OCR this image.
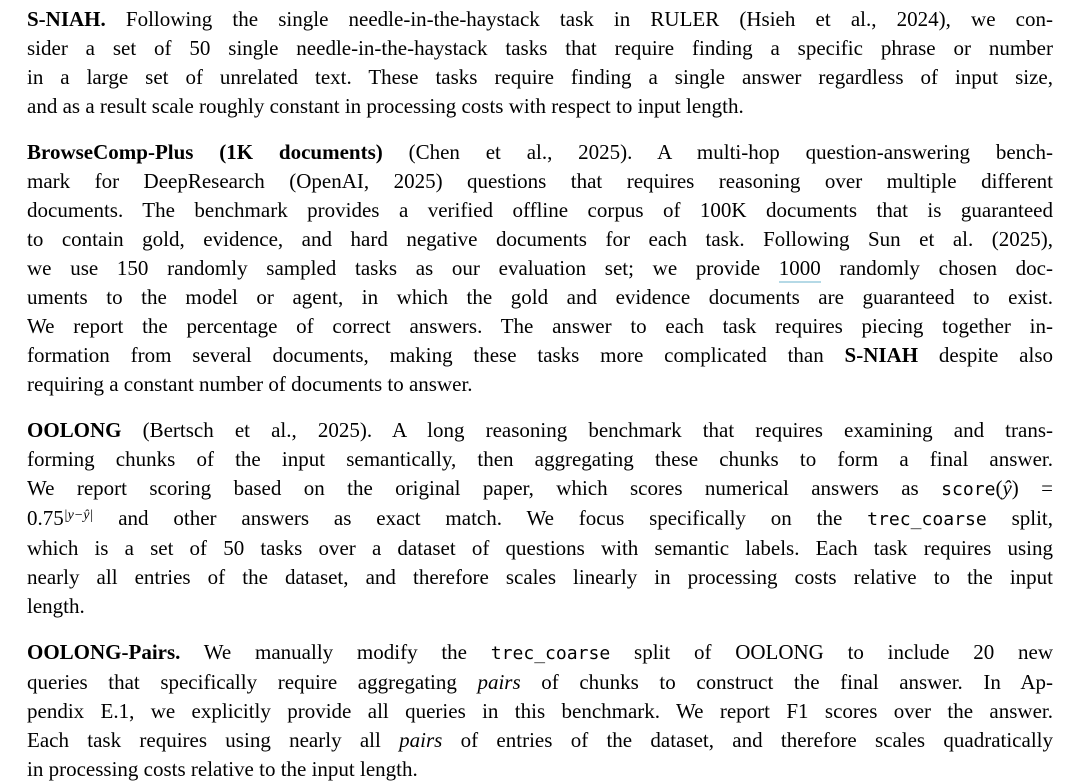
S-NIAH. Following the single needle-in-the-haystack task in RULER (Hsieh et al., 2024), we con-
sider a set of 50 single needle-in-the-haystack tasks that require finding a specific phrase or number
in a large set of unrelated text. These tasks require finding a single answer regardless of input size,
and as a result scale roughly constant in processing costs with respect to input length.

BrowseComp-Plus (1K documents) (Chen et al., 2025). A multi-hop question-answering bench-
mark for DeepResearch (OpenAI, 2025) questions that requires reasoning over multiple different
documents. The benchmark provides a verified offline corpus of 100K documents that is guaranteed
to contain gold, evidence, and hard negative documents for each task. Following Sun et al. (2025),
we use 150 randomly sampled tasks as our evaluation set; we provide 1000 randomly chosen doc-
uments to the model or agent, in which the gold and evidence documents are guaranteed to exist.
We report the percentage of correct answers. The answer to each task requires piecing together in-
formation from several documents, making these tasks more complicated than S-NIAH despite also
requiring a constant number of documents to answer.

OOLONG (Bertsch et al., 2025). A long reasoning benchmark that requires examining and trans-
forming chunks of the input semantically, then aggregating these chunks to form a final answer.
We report scoring based on the original paper, which scores numerical answers as score(ŷ) =
$0.75^{|y-ŷ|}$ and other answers as exact match. We focus specifically on the trec_coarse split,
which is a set of 50 tasks over a dataset of questions with semantic labels. Each task requires using
nearly all entries of the dataset, and therefore scales linearly in processing costs relative to the input
length.

OOLONG-Pairs. We manually modify the trec_coarse split of OOLONG to include 20 new
queries that specifically require aggregating pairs of chunks to construct the final answer. In Ap-
pendix E.1, we explicitly provide all queries in this benchmark. We report F1 scores over the answer.
Each task requires using nearly all pairs of entries of the dataset, and therefore scales quadratically
in processing costs relative to the input length.
